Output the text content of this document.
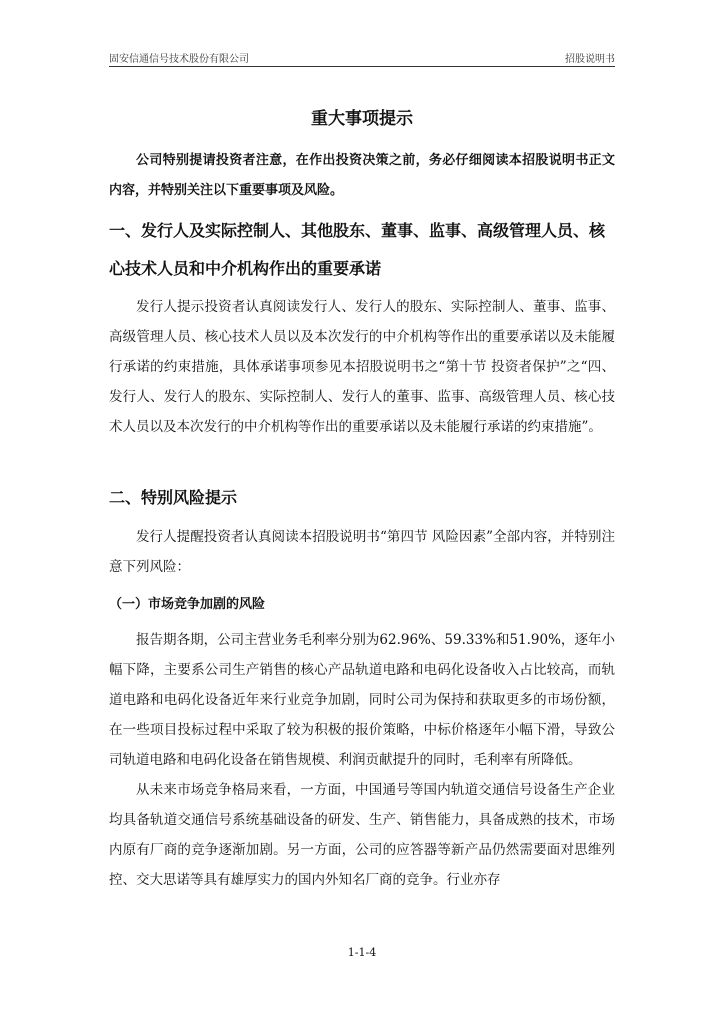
固安信通信号技术股份有限公司	招股说明书
重大事项提示

公司特别提请投资者注意，在作出投资决策之前，务必仔细阅读本招股说明书正文内容，并特别关注以下重要事项及风险。

一、发行人及实际控制人、其他股东、董事、监事、高级管理人员、核心技术人员和中介机构作出的重要承诺

发行人提示投资者认真阅读发行人、发行人的股东、实际控制人、董事、监事、高级管理人员、核心技术人员以及本次发行的中介机构等作出的重要承诺以及未能履行承诺的约束措施，具体承诺事项参见本招股说明书之“第十节 投资者保护”之“四、发行人、发行人的股东、实际控制人、发行人的董事、监事、高级管理人员、核心技术人员以及本次发行的中介机构等作出的重要承诺以及未能履行承诺的约束措施”。

二、特别风险提示

发行人提醒投资者认真阅读本招股说明书“第四节 风险因素”全部内容，并特别注意下列风险：

（一）市场竞争加剧的风险

报告期各期，公司主营业务毛利率分别为62.96%、59.33%和51.90%，逐年小幅下降，主要系公司生产销售的核心产品轨道电路和电码化设备收入占比较高，而轨道电路和电码化设备近年来行业竞争加剧，同时公司为保持和获取更多的市场份额，在一些项目投标过程中采取了较为积极的报价策略，中标价格逐年小幅下滑，导致公司轨道电路和电码化设备在销售规模、利润贡献提升的同时，毛利率有所降低。

从未来市场竞争格局来看，一方面，中国通号等国内轨道交通信号设备生产企业均具备轨道交通信号系统基础设备的研发、生产、销售能力，具备成熟的技术，市场内原有厂商的竞争逐渐加剧。另一方面，公司的应答器等新产品仍然需要面对思维列控、交大思诺等具有雄厚实力的国内外知名厂商的竞争。行业亦存

1-1-4
